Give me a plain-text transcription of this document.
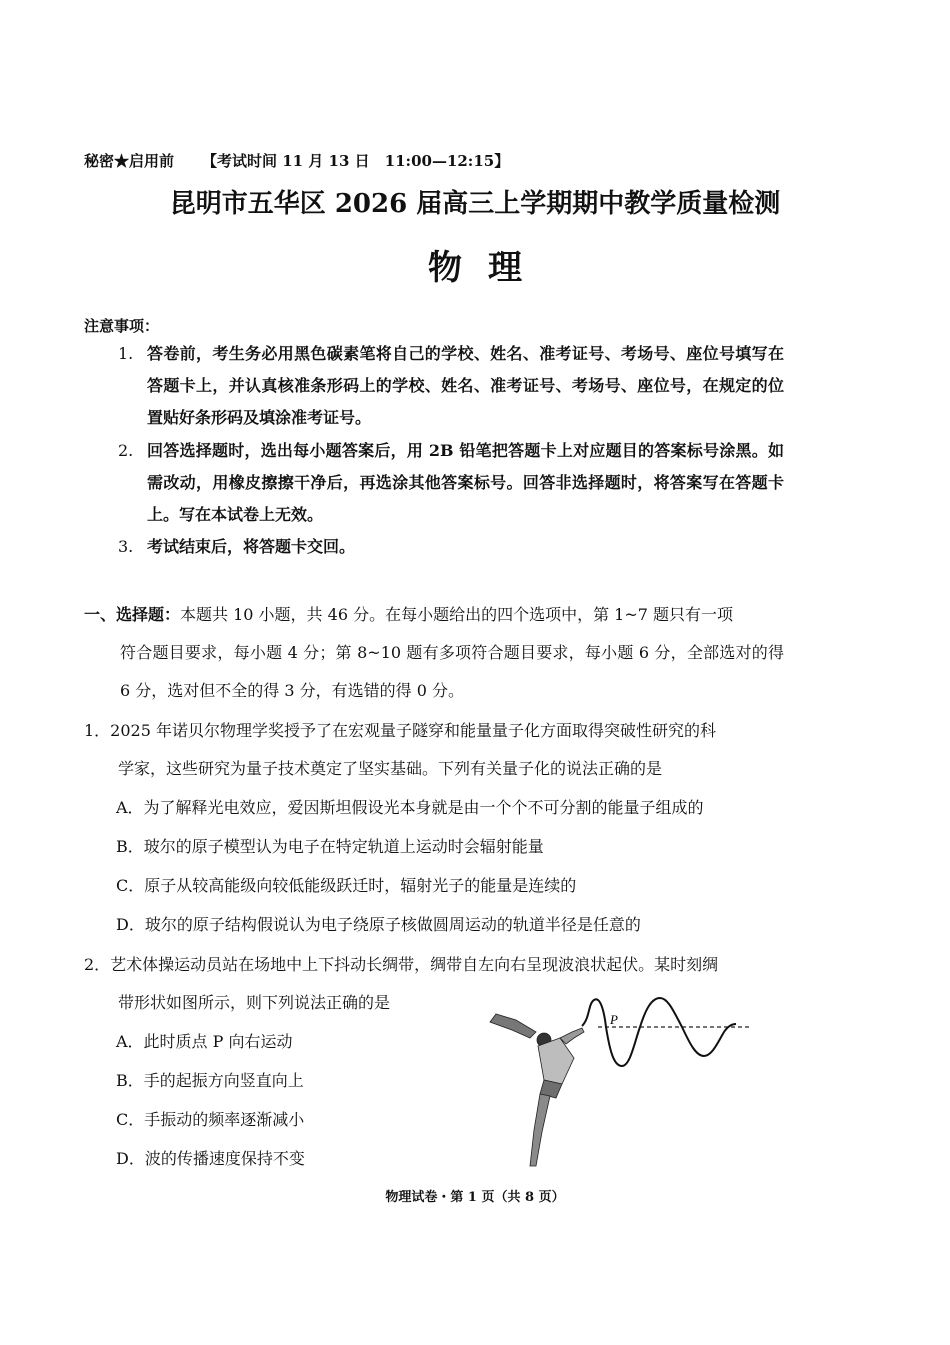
秘密★启用前 【考试时间 11 月 13 日　11:00—12:15】
昆明市五华区 2026 届高三上学期期中教学质量检测
物理
注意事项：
1. 答卷前，考生务必用黑色碳素笔将自己的学校、姓名、准考证号、考场号、座位号填写在答题卡上，并认真核准条形码上的学校、姓名、准考证号、考场号、座位号，在规定的位置贴好条形码及填涂准考证号。
2. 回答选择题时，选出每小题答案后，用 2B 铅笔把答题卡上对应题目的答案标号涂黑。如需改动，用橡皮擦擦干净后，再选涂其他答案标号。回答非选择题时，将答案写在答题卡上。写在本试卷上无效。
3. 考试结束后，将答题卡交回。
一、选择题：本题共 10 小题，共 46 分。在每小题给出的四个选项中，第 1~7 题只有一项
符合题目要求，每小题 4 分；第 8~10 题有多项符合题目要求，每小题 6 分，全部选对的得 6 分，选对但不全的得 3 分，有选错的得 0 分。
1．2025 年诺贝尔物理学奖授予了在宏观量子隧穿和能量量子化方面取得突破性研究的科
学家，这些研究为量子技术奠定了坚实基础。下列有关量子化的说法正确的是
A．为了解释光电效应，爱因斯坦假设光本身就是由一个个不可分割的能量子组成的
B．玻尔的原子模型认为电子在特定轨道上运动时会辐射能量
C．原子从较高能级向较低能级跃迁时，辐射光子的能量是连续的
D．玻尔的原子结构假说认为电子绕原子核做圆周运动的轨道半径是任意的
2．艺术体操运动员站在场地中上下抖动长绸带，绸带自左向右呈现波浪状起伏。某时刻绸
带形状如图所示，则下列说法正确的是
A．此时质点 P 向右运动
B．手的起振方向竖直向上
C．手振动的频率逐渐减小
D．波的传播速度保持不变
P
物理试卷・第 1 页（共 8 页）
